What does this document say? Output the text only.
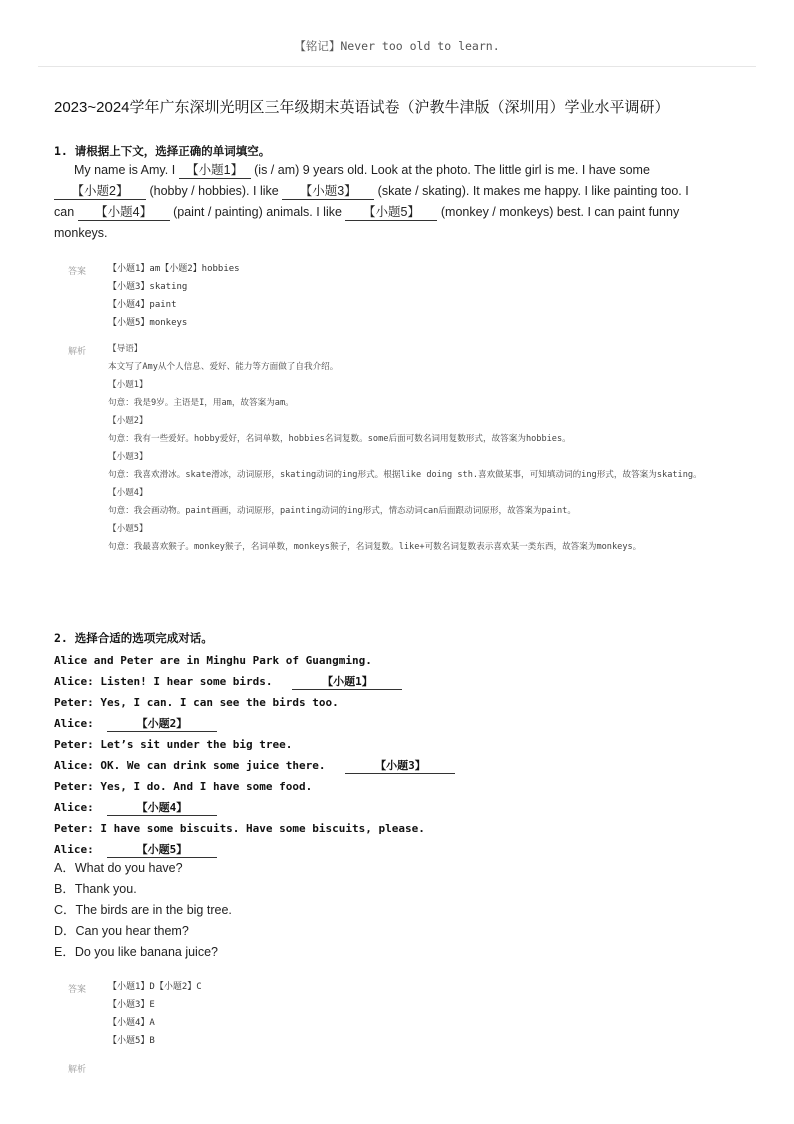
【铭记】Never too old to learn.
2023~2024学年广东深圳光明区三年级期末英语试卷（沪教牛津版（深圳用）学业水平调研）
1. 请根据上下文，选择正确的单词填空。
My name is Amy. I 【小题1】 (is / am) 9 years old. Look at the photo. The little girl is me. I have some
【小题2】 (hobby / hobbies). I like 【小题3】 (skate / skating). It makes me happy. I like painting too. I
can 【小题4】 (paint / painting) animals. I like 【小题5】 (monkey / monkeys) best. I can paint funny
monkeys.
答案 【小题1】am【小题2】hobbies
【小题3】skating
【小题4】paint
【小题5】monkeys
解析	【导语】
本文写了Amy从个人信息、爱好、能力等方面做了自我介绍。
【小题1】
句意：我是9岁。主语是I，用am，故答案为am。
【小题2】
句意：我有一些爱好。hobby爱好，名词单数，hobbies名词复数。some后面可数名词用复数形式，故答案为hobbies。
【小题3】
句意：我喜欢滑冰。skate滑冰，动词原形，skating动词的ing形式。根据like doing sth.喜欢做某事，可知填动词的ing形式，故答案为skating。
【小题4】
句意：我会画动物。paint画画，动词原形，painting动词的ing形式，情态动词can后面跟动词原形，故答案为paint。
【小题5】
句意：我最喜欢猴子。monkey猴子，名词单数，monkeys猴子，名词复数。like+可数名词复数表示喜欢某一类东西，故答案为monkeys。
2. 选择合适的选项完成对话。
Alice and Peter are in Minghu Park of Guangming.
Alice: Listen! I hear some birds.	【小题1】
Peter: Yes, I can. I can see the birds too.
Alice:	【小题2】
Peter: Let’s sit under the big tree.
Alice: OK. We can drink some juice there.	【小题3】
Peter: Yes, I do. And I have some food.
Alice:	【小题4】
Peter: I have some biscuits. Have some biscuits, please.
Alice:	【小题5】
A．What do you have?
B．Thank you.
C．The birds are in the big tree.
D．Can you hear them?
E．Do you like banana juice?
答案 【小题1】D【小题2】C
【小题3】E
【小题4】A
【小题5】B
解析
